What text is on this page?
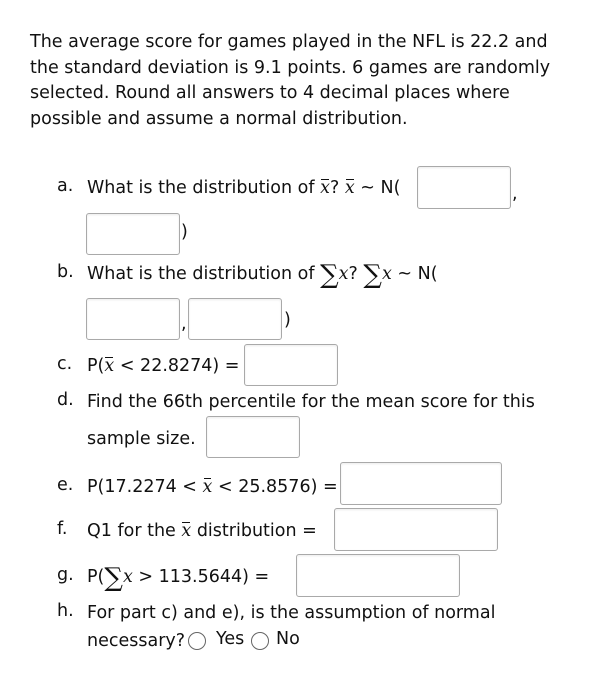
The average score for games played in the NFL is 22.2 and the standard deviation is 9.1 points. 6 games are randomly selected. Round all answers to 4 decimal places where possible and assume a normal distribution.
a. What is the distribution of x? x ~ N(	,
)
b. What is the distribution of ∑x? ∑x ~ N(
,	)
c. P(x < 22.8274) =
d. Find the 66th percentile for the mean score for this
sample size.
e. P(17.2274 < x < 25.8576) =
f. Q1 for the x distribution =
g. P(∑x > 113.5644) =
h. For part c) and e), is the assumption of normal
necessary? Yes No
